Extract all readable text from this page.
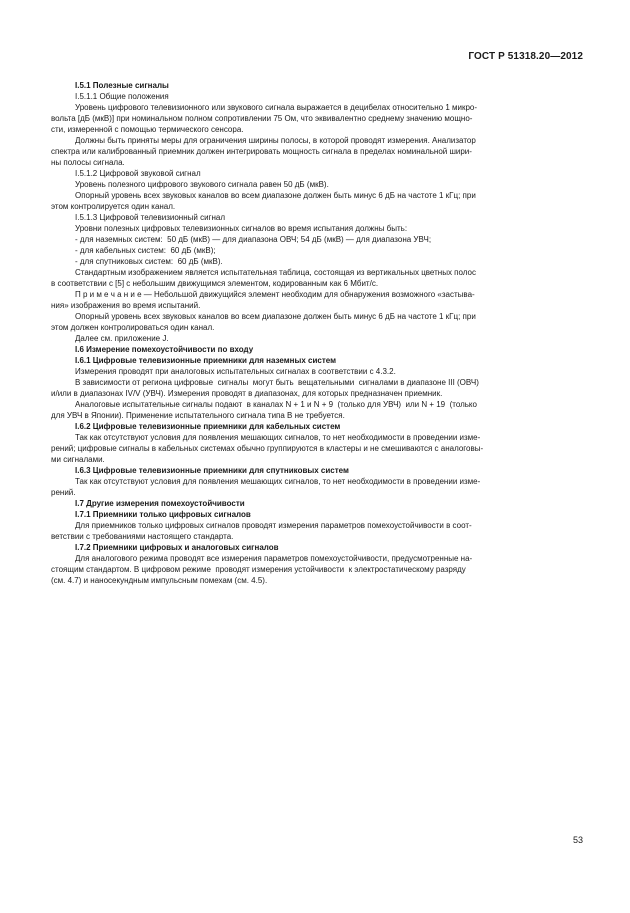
ГОСТ Р 51318.20—2012
I.5.1 Полезные сигналы
I.5.1.1 Общие положения
Уровень цифрового телевизионного или звукового сигнала выражается в децибелах относительно 1 микро-
вольта [дБ (мкВ)] при номинальном полном сопротивлении 75 Ом, что эквивалентно среднему значению мощно-
сти, измеренной с помощью термического сенсора.
Должны быть приняты меры для ограничения ширины полосы, в которой проводят измерения. Анализатор
спектра или калиброванный приемник должен интегрировать мощность сигнала в пределах номинальной шири-
ны полосы сигнала.
I.5.1.2 Цифровой звуковой сигнал
Уровень полезного цифрового звукового сигнала равен 50 дБ (мкВ).
Опорный уровень всех звуковых каналов во всем диапазоне должен быть минус 6 дБ на частоте 1 кГц; при
этом контролируется один канал.
I.5.1.3 Цифровой телевизионный сигнал
Уровни полезных цифровых телевизионных сигналов во время испытания должны быть:
- для наземных систем:  50 дБ (мкВ) — для диапазона ОВЧ; 54 дБ (мкВ) — для диапазона УВЧ;
- для кабельных систем:  60 дБ (мкВ);
- для спутниковых систем:  60 дБ (мкВ).
Стандартным изображением является испытательная таблица, состоящая из вертикальных цветных полос
в соответствии с [5] с небольшим движущимся элементом, кодированным как 6 Мбит/с.
П р и м е ч а н и е — Небольшой движущийся элемент необходим для обнаружения возможного «застыва-
ния» изображения во время испытаний.
Опорный уровень всех звуковых каналов во всем диапазоне должен быть минус 6 дБ на частоте 1 кГц; при
этом должен контролироваться один канал.
Далее см. приложение J.
I.6 Измерение помехоустойчивости по входу
I.6.1 Цифровые телевизионные приемники для наземных систем
Измерения проводят при аналоговых испытательных сигналах в соответствии с 4.3.2.
В зависимости от региона цифровые  сигналы  могут быть  вещательными  сигналами в диапазоне III (ОВЧ)
и/или в диапазонах IV/V (УВЧ). Измерения проводят в диапазонах, для которых предназначен приемник.
Аналоговые испытательные сигналы подают  в каналах N + 1 и N + 9  (только для УВЧ)  или N + 19  (только
для УВЧ в Японии). Применение испытательного сигнала типа В не требуется.
I.6.2 Цифровые телевизионные приемники для кабельных систем
Так как отсутствуют условия для появления мешающих сигналов, то нет необходимости в проведении изме-
рений; цифровые сигналы в кабельных системах обычно группируются в кластеры и не смешиваются с аналоговы-
ми сигналами.
I.6.3 Цифровые телевизионные приемники для спутниковых систем
Так как отсутствуют условия для появления мешающих сигналов, то нет необходимости в проведении изме-
рений.
I.7 Другие измерения помехоустойчивости
I.7.1 Приемники только цифровых сигналов
Для приемников только цифровых сигналов проводят измерения параметров помехоустойчивости в соот-
ветствии с требованиями настоящего стандарта.
I.7.2 Приемники цифровых и аналоговых сигналов
Для аналогового режима проводят все измерения параметров помехоустойчивости, предусмотренные на-
стоящим стандартом. В цифровом режиме  проводят измерения устойчивости  к электростатическому разряду
(см. 4.7) и наносекундным импульсным помехам (см. 4.5).
53
